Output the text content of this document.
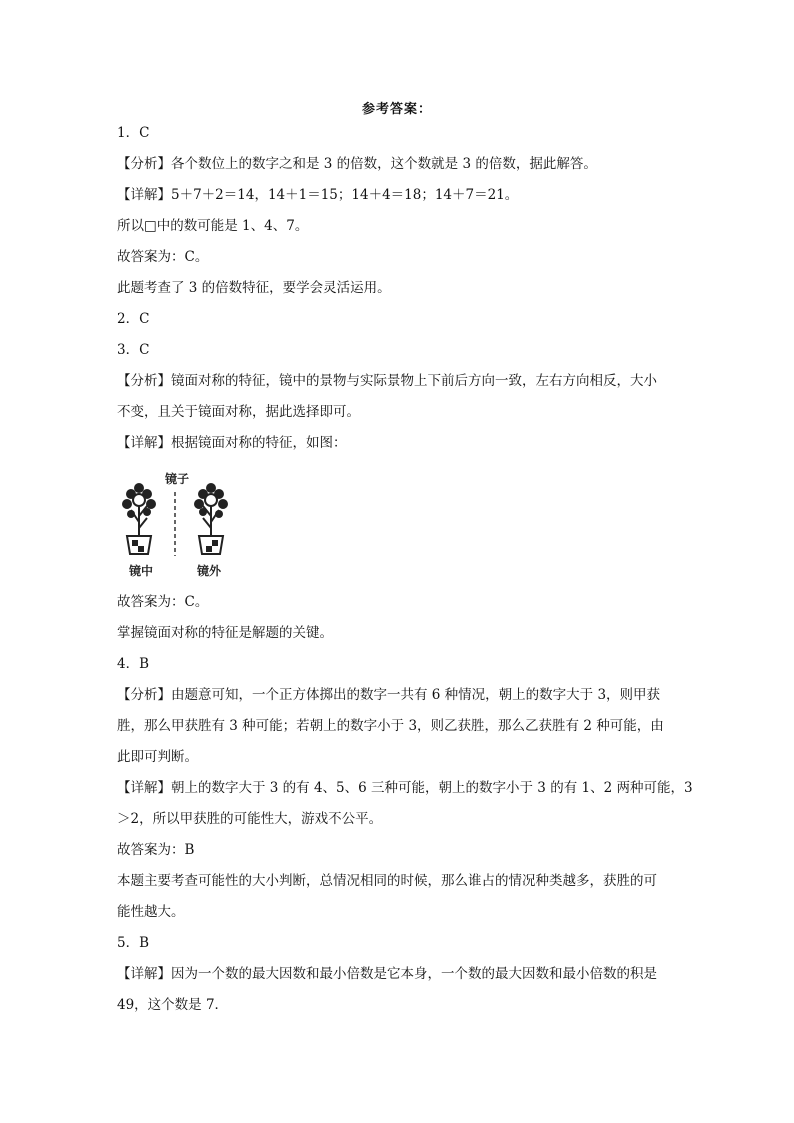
参考答案：
1．C
【分析】各个数位上的数字之和是 3 的倍数，这个数就是 3 的倍数，据此解答。
【详解】5＋7＋2＝14，14＋1＝15；14＋4＝18；14＋7＝21。
所以□中的数可能是 1、4、7。
故答案为：C。
此题考查了 3 的倍数特征，要学会灵活运用。
2．C
3．C
【分析】镜面对称的特征，镜中的景物与实际景物上下前后方向一致，左右方向相反，大小
不变，且关于镜面对称，据此选择即可。
【详解】根据镜面对称的特征，如图：
镜子
镜中	镜外
故答案为：C。
掌握镜面对称的特征是解题的关键。
4．B
【分析】由题意可知，一个正方体掷出的数字一共有 6 种情况，朝上的数字大于 3，则甲获
胜，那么甲获胜有 3 种可能；若朝上的数字小于 3，则乙获胜，那么乙获胜有 2 种可能，由
此即可判断。
【详解】朝上的数字大于 3 的有 4、5、6 三种可能，朝上的数字小于 3 的有 1、2 两种可能，3
＞2，所以甲获胜的可能性大，游戏不公平。
故答案为：B
本题主要考查可能性的大小判断，总情况相同的时候，那么谁占的情况种类越多，获胜的可
能性越大。
5．B
【详解】因为一个数的最大因数和最小倍数是它本身，一个数的最大因数和最小倍数的积是
49，这个数是 7．
